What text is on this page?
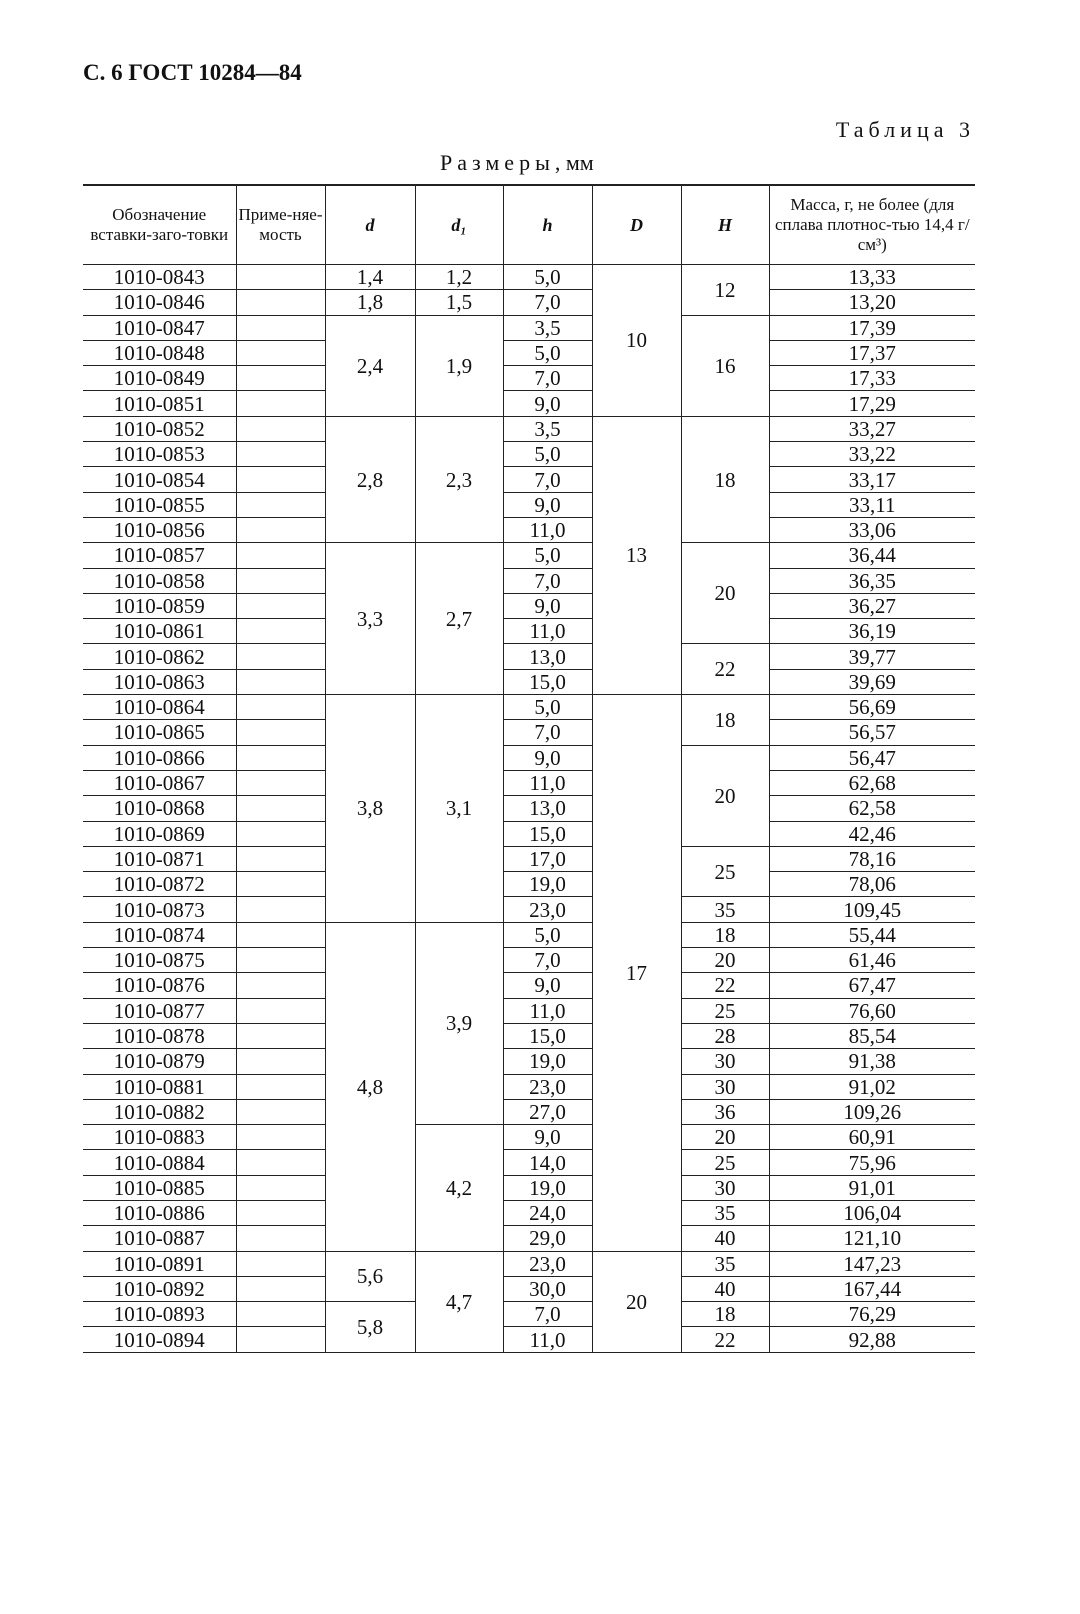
С. 6 ГОСТ 10284—84
Таблица 3
Размеры, мм
Обозначение вставки-заго-товки	Приме-няе-мость	d	d₁	h	D	H	Масса, г, не более (для сплава плотнос-тью 14,4 г/см³)
1010-0843		1,4	1,2	5,0	10	12	13,33
1010-0846		1,8	1,5	7,0			13,20
1010-0847		2,4	1,9	3,5		16	17,39
1010-0848				5,0			17,37
1010-0849				7,0			17,33
1010-0851				9,0			17,29
1010-0852		2,8	2,3	3,5	13	18	33,27
1010-0853				5,0			33,22
1010-0854				7,0			33,17
1010-0855				9,0			33,11
1010-0856				11,0			33,06
1010-0857		3,3	2,7	5,0		20	36,44
1010-0858				7,0			36,35
1010-0859				9,0			36,27
1010-0861				11,0			36,19
1010-0862				13,0		22	39,77
1010-0863				15,0			39,69
1010-0864		3,8	3,1	5,0	17	18	56,69
1010-0865				7,0			56,57
1010-0866				9,0		20	56,47
1010-0867				11,0			62,68
1010-0868				13,0			62,58
1010-0869				15,0			42,46
1010-0871				17,0		25	78,16
1010-0872				19,0			78,06
1010-0873				23,0		35	109,45
1010-0874		4,8	3,9	5,0		18	55,44
1010-0875				7,0		20	61,46
1010-0876				9,0		22	67,47
1010-0877				11,0		25	76,60
1010-0878				15,0		28	85,54
1010-0879				19,0		30	91,38
1010-0881				23,0		30	91,02
1010-0882				27,0		36	109,26
1010-0883			4,2	9,0		20	60,91
1010-0884				14,0		25	75,96
1010-0885				19,0		30	91,01
1010-0886				24,0		35	106,04
1010-0887				29,0		40	121,10
1010-0891		5,6	4,7	23,0	20	35	147,23
1010-0892				30,0		40	167,44
1010-0893		5,8		7,0		18	76,29
1010-0894				11,0		22	92,88
